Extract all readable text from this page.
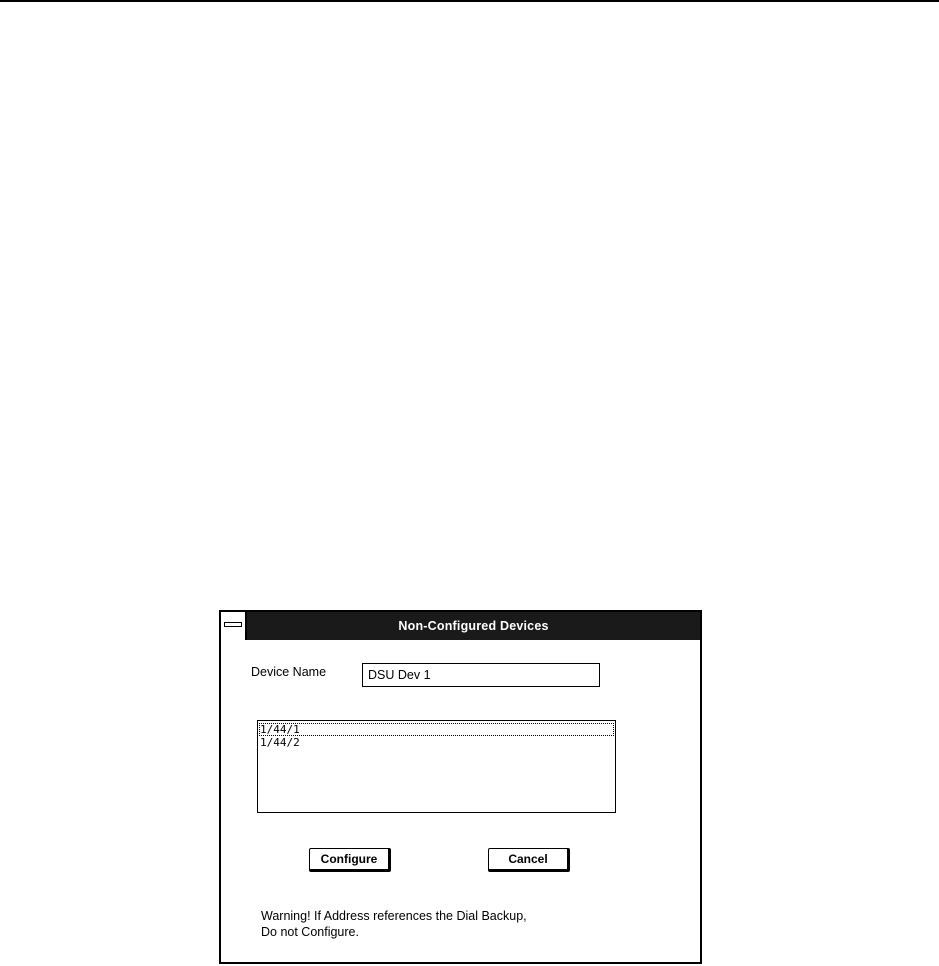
Non-Configured Devices
Device Name
DSU Dev 1
1/44/1
1/44/2
Configure	Cancel
Warning! If Address references the Dial Backup,
Do not Configure.
